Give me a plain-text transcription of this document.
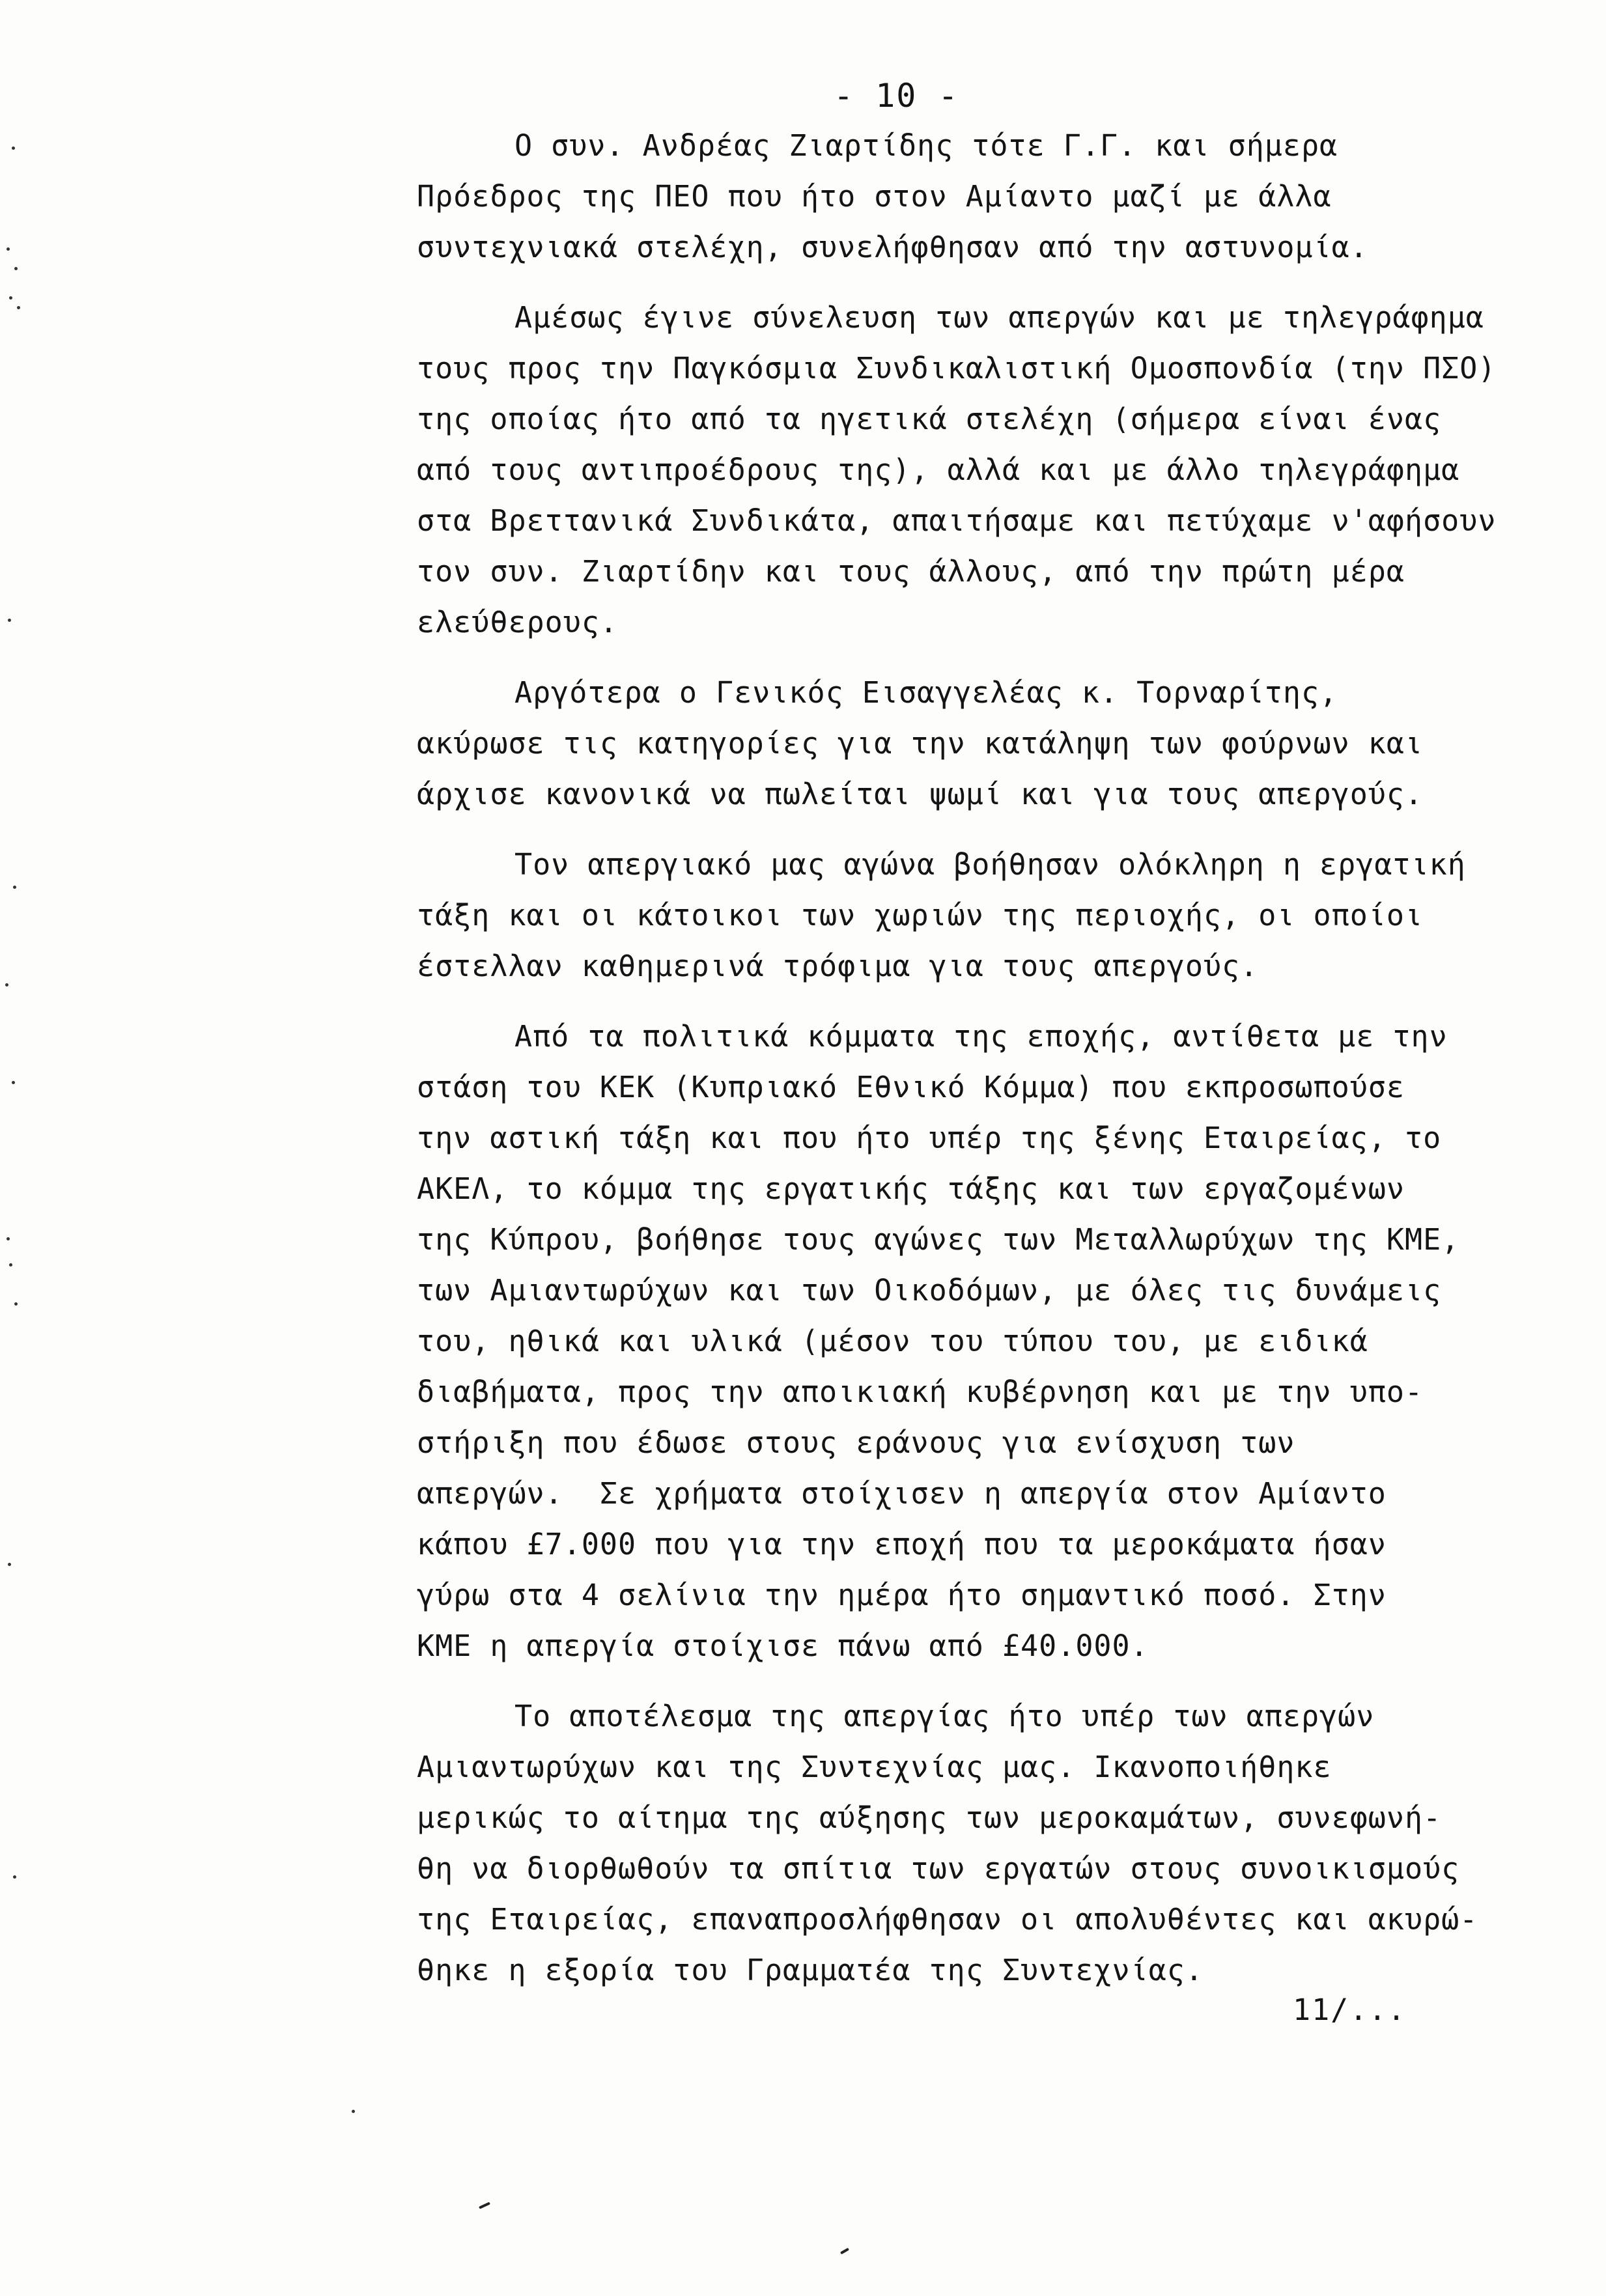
- 10 -
Ο συν. Ανδρέας Ζιαρτίδης τότε Γ.Γ. και σήμερα
Πρόεδρος της ΠΕΟ που ήτο στον Αμίαντο μαζί με άλλα
συντεχνιακά στελέχη, συνελήφθησαν από την αστυνομία.
Αμέσως έγινε σύνελευση των απεργών και με τηλεγράφημα
τους προς την Παγκόσμια Συνδικαλιστική Ομοσπονδία (την ΠΣΟ)
της οποίας ήτο από τα ηγετικά στελέχη (σήμερα είναι ένας
από τους αντιπροέδρους της), αλλά και με άλλο τηλεγράφημα
στα Βρεττανικά Συνδικάτα, απαιτήσαμε και πετύχαμε ν'αφήσουν
τον συν. Ζιαρτίδην και τους άλλους, από την πρώτη μέρα
ελεύθερους.
Αργότερα ο Γενικός Εισαγγελέας κ. Τορναρίτης,
ακύρωσε τις κατηγορίες για την κατάληψη των φούρνων και
άρχισε κανονικά να πωλείται ψωμί και για τους απεργούς.
Τον απεργιακό μας αγώνα βοήθησαν ολόκληρη η εργατική
τάξη και οι κάτοικοι των χωριών της περιοχής, οι οποίοι
έστελλαν καθημερινά τρόφιμα για τους απεργούς.
Από τα πολιτικά κόμματα της εποχής, αντίθετα με την
στάση του ΚΕΚ (Κυπριακό Εθνικό Κόμμα) που εκπροσωπούσε
την αστική τάξη και που ήτο υπέρ της ξένης Εταιρείας, το
ΑΚΕΛ, το κόμμα της εργατικής τάξης και των εργαζομένων
της Κύπρου, βοήθησε τους αγώνες των Μεταλλωρύχων της ΚΜΕ,
των Αμιαντωρύχων και των Οικοδόμων, με όλες τις δυνάμεις
του, ηθικά και υλικά (μέσον του τύπου του, με ειδικά
διαβήματα, προς την αποικιακή κυβέρνηση και με την υπο-
στήριξη που έδωσε στους εράνους για ενίσχυση των
απεργών.  Σε χρήματα στοίχισεν η απεργία στον Αμίαντο
κάπου £7.000 που για την εποχή που τα μεροκάματα ήσαν
γύρω στα 4 σελίνια την ημέρα ήτο σημαντικό ποσό. Στην
ΚΜΕ η απεργία στοίχισε πάνω από £40.000.
Το αποτέλεσμα της απεργίας ήτο υπέρ των απεργών
Αμιαντωρύχων και της Συντεχνίας μας. Ικανοποιήθηκε
μερικώς το αίτημα της αύξησης των μεροκαμάτων, συνεφωνή-
θη να διορθωθούν τα σπίτια των εργατών στους συνοικισμούς
της Εταιρείας, επαναπροσλήφθησαν οι απολυθέντες και ακυρώ-
θηκε η εξορία του Γραμματέα της Συντεχνίας.
11/...
